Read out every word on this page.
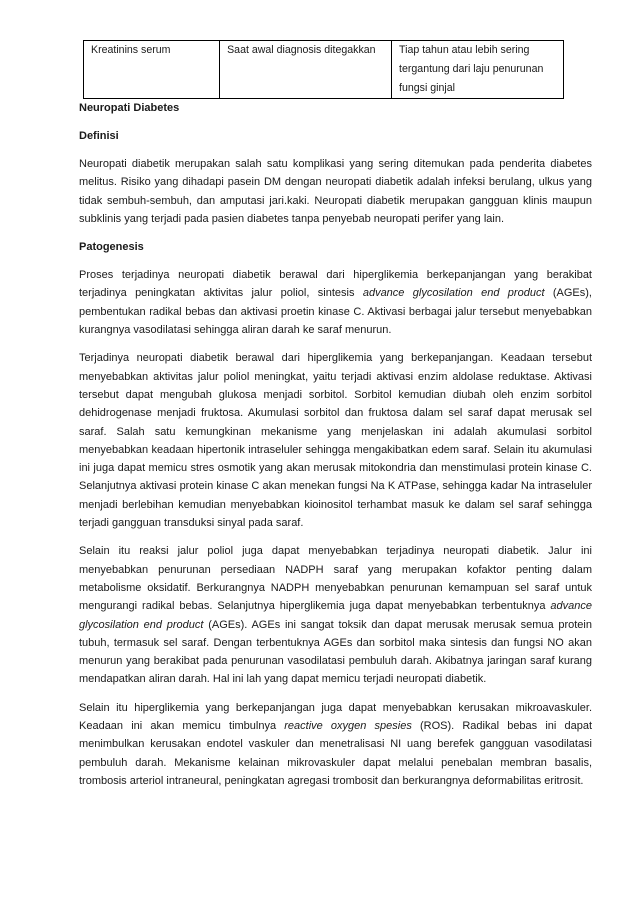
Kreatinins serum	Saat awal diagnosis ditegakkan	Tiap tahun atau lebih sering tergantung dari laju penurunan fungsi ginjal
Neuropati Diabetes
Definisi

Neuropati diabetik merupakan salah satu komplikasi yang sering ditemukan pada penderita diabetes melitus. Risiko yang dihadapi pasein DM dengan neuropati diabetik adalah infeksi berulang, ulkus yang tidak sembuh-sembuh, dan amputasi jari.kaki. Neuropati diabetik merupakan gangguan klinis maupun subklinis yang terjadi pada pasien diabetes tanpa penyebab neuropati perifer yang lain.

Patogenesis

Proses terjadinya neuropati diabetik berawal dari hiperglikemia berkepanjangan yang berakibat terjadinya peningkatan aktivitas jalur poliol, sintesis advance glycosilation end product (AGEs), pembentukan radikal bebas dan aktivasi proetin kinase C. Aktivasi berbagai jalur tersebut menyebabkan kurangnya vasodilatasi sehingga aliran darah ke saraf menurun.

Terjadinya neuropati diabetik berawal dari hiperglikemia yang berkepanjangan. Keadaan tersebut menyebabkan aktivitas jalur poliol meningkat, yaitu terjadi aktivasi enzim aldolase reduktase. Aktivasi tersebut dapat mengubah glukosa menjadi sorbitol. Sorbitol kemudian diubah oleh enzim sorbitol dehidrogenase menjadi fruktosa. Akumulasi sorbitol dan fruktosa dalam sel saraf dapat merusak sel saraf. Salah satu kemungkinan mekanisme yang menjelaskan ini adalah akumulasi sorbitol menyebabkan keadaan hipertonik intraseluler sehingga mengakibatkan edem saraf. Selain itu akumulasi ini juga dapat memicu stres osmotik yang akan merusak mitokondria dan menstimulasi protein kinase C. Selanjutnya aktivasi protein kinase C akan menekan fungsi Na K ATPase, sehingga kadar Na intraseluler menjadi berlebihan kemudian menyebabkan kioinositol terhambat masuk ke dalam sel saraf sehingga terjadi gangguan transduksi sinyal pada saraf.

Selain itu reaksi jalur poliol juga dapat menyebabkan terjadinya neuropati diabetik. Jalur ini menyebabkan penurunan persediaan NADPH saraf yang merupakan kofaktor penting dalam metabolisme oksidatif. Berkurangnya NADPH menyebabkan penurunan kemampuan sel saraf untuk mengurangi radikal bebas. Selanjutnya hiperglikemia juga dapat menyebabkan terbentuknya advance glycosilation end product (AGEs). AGEs ini sangat toksik dan dapat merusak merusak semua protein tubuh, termasuk sel saraf. Dengan terbentuknya AGEs dan sorbitol maka sintesis dan fungsi NO akan menurun yang berakibat pada penurunan vasodilatasi pembuluh darah. Akibatnya jaringan saraf kurang mendapatkan aliran darah. Hal ini lah yang dapat memicu terjadi neuropati diabetik.

Selain itu hiperglikemia yang berkepanjangan juga dapat menyebabkan kerusakan mikroavaskuler. Keadaan ini akan memicu timbulnya reactive oxygen spesies (ROS). Radikal bebas ini dapat menimbulkan kerusakan endotel vaskuler dan menetralisasi NI uang berefek gangguan vasodilatasi pembuluh darah. Mekanisme kelainan mikrovaskuler dapat melalui penebalan membran basalis, trombosis arteriol intraneural, peningkatan agregasi trombosit dan berkurangnya deformabilitas eritrosit.
